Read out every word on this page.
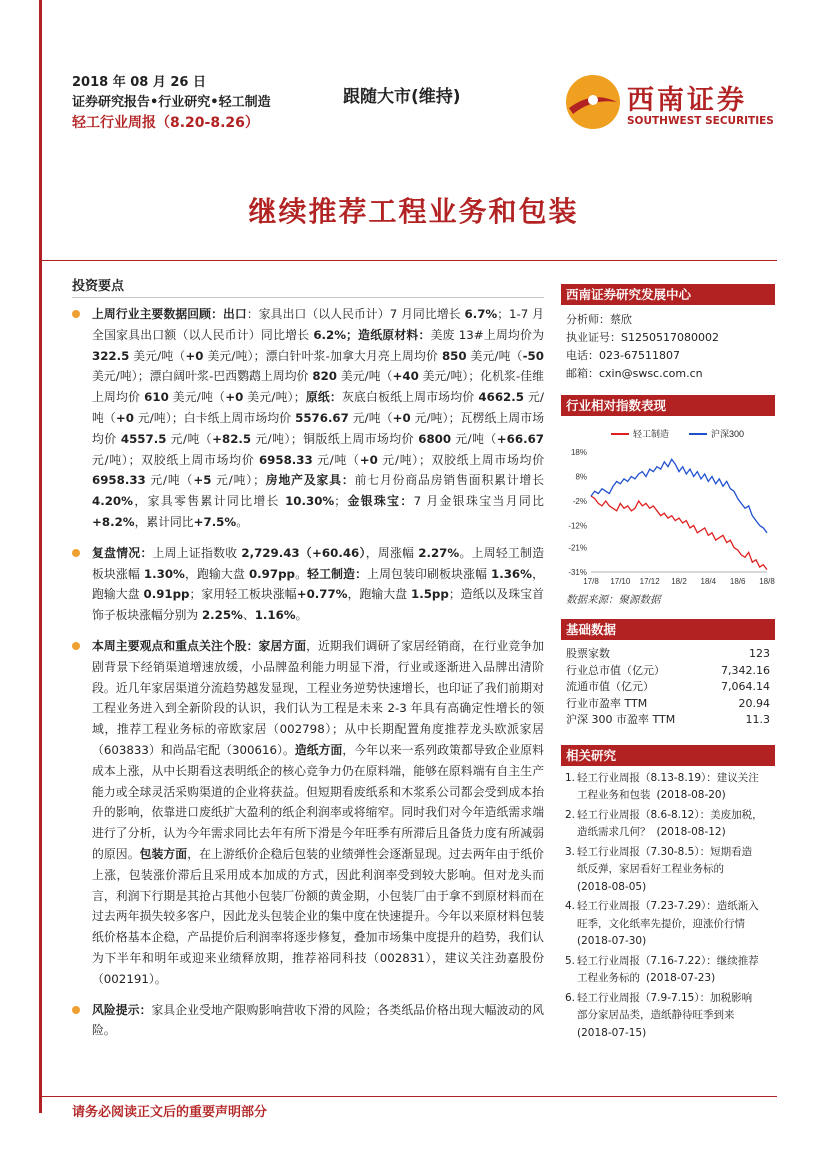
2018 年 08 月 26 日
证券研究报告•行业研究•轻工制造
轻工行业周报（8.20-8.26）
跟随大市(维持)	西南证券
SOUTHWEST SECURITIES
继续推荐工程业务和包装
投资要点
上周行业主要数据回顾：出口：家具出口（以人民币计）7 月同比增长 6.7%；1-7 月全国家具出口额（以人民币计）同比增长 6.2%；造纸原材料：美废 13#上周均价为 322.5 美元/吨（+0 美元/吨）；漂白针叶浆-加拿大月亮上周均价 850 美元/吨（-50 美元/吨）；漂白阔叶浆-巴西鹦鹉上周均价 820 美元/吨（+40 美元/吨）；化机浆-佳维上周均价 610 美元/吨（+0 美元/吨）；原纸：灰底白板纸上周市场均价 4662.5 元/吨（+0 元/吨）；白卡纸上周市场均价 5576.67 元/吨（+0 元/吨）；瓦楞纸上周市场均价 4557.5 元/吨（+82.5 元/吨）；铜版纸上周市场均价 6800 元/吨（+66.67 元/吨）；双胶纸上周市场均价 6958.33 元/吨（+0 元/吨）；双胶纸上周市场均价 6958.33 元/吨（+5 元/吨）；房地产及家具：前七月份商品房销售面积累计增长 4.20%，家具零售累计同比增长 10.30%；金银珠宝：7 月金银珠宝当月同比+8.2%，累计同比+7.5%。
复盘情况：上周上证指数收 2,729.43（+60.46），周涨幅 2.27%。上周轻工制造板块涨幅 1.30%，跑输大盘 0.97pp。轻工制造：上周包装印刷板块涨幅 1.36%，跑输大盘 0.91pp；家用轻工板块涨幅+0.77%，跑输大盘 1.5pp；造纸以及珠宝首饰子板块涨幅分别为 2.25%、1.16%。
本周主要观点和重点关注个股：家居方面，近期我们调研了家居经销商，在行业竞争加剧背景下经销渠道增速放缓，小品牌盈利能力明显下滑，行业或逐渐进入品牌出清阶段。近几年家居渠道分流趋势越发显现，工程业务逆势快速增长，也印证了我们前期对工程业务进入到全新阶段的认识，我们认为工程是未来 2-3 年具有高确定性增长的领域，推荐工程业务标的帝欧家居（002798）；从中长期配置角度推荐龙头欧派家居（603833）和尚品宅配（300616）。造纸方面，今年以来一系列政策都导致企业原料成本上涨，从中长期看这表明纸企的核心竞争力仍在原料端，能够在原料端有自主生产能力或全球灵活采购渠道的企业将获益。但短期看废纸系和木浆系公司都会受到成本抬升的影响，依靠进口废纸扩大盈利的纸企利润率或将缩窄。同时我们对今年造纸需求端进行了分析，认为今年需求同比去年有所下滑是今年旺季有所滞后且备货力度有所减弱的原因。包装方面，在上游纸价企稳后包装的业绩弹性会逐渐显现。过去两年由于纸价上涨，包装涨价滞后且采用成本加成的方式，因此利润率受到较大影响。但对龙头而言，利润下行期是其抢占其他小包装厂份额的黄金期，小包装厂由于拿不到原材料而在过去两年损失较多客户，因此龙头包装企业的集中度在快速提升。今年以来原材料包装纸价格基本企稳，产品提价后利润率将逐步修复，叠加市场集中度提升的趋势，我们认为下半年和明年或迎来业绩释放期，推荐裕同科技（002831），建议关注劲嘉股份（002191）。
风险提示：家具企业受地产限购影响营收下滑的风险；各类纸品价格出现大幅波动的风险。
西南证券研究发展中心
分析师：蔡欣
执业证号：S1250517080002
电话：023-67511807
邮箱：cxin@swsc.com.cn
行业相对指数表现
轻工制造	沪深300
18%
8%
-2%
-12%
-21%
-31%
17/8 17/10 17/12 18/2 18/4 18/6 18/8
数据来源：聚源数据
基础数据
股票家数	123
行业总市值（亿元）	7,342.16
流通市值（亿元）	7,064.14
行业市盈率 TTM	20.94
沪深 300 市盈率 TTM	11.3
相关研究
1. 轻工行业周报（8.13-8.19）：建议关注
工程业务和包装 (2018-08-20)
2. 轻工行业周报（8.6-8.12）：美废加税，
造纸需求几何？ (2018-08-12)
3. 轻工行业周报（7.30-8.5）：短期看造
纸反弹，家居看好工程业务标的
(2018-08-05)
4. 轻工行业周报（7.23-7.29）：造纸渐入
旺季，文化纸率先提价，迎涨价行情
(2018-07-30)
5. 轻工行业周报（7.16-7.22）：继续推荐
工程业务标的 (2018-07-23)
6. 轻工行业周报（7.9-7.15）：加税影响
部分家居品类，造纸静待旺季到来
(2018-07-15)
请务必阅读正文后的重要声明部分
